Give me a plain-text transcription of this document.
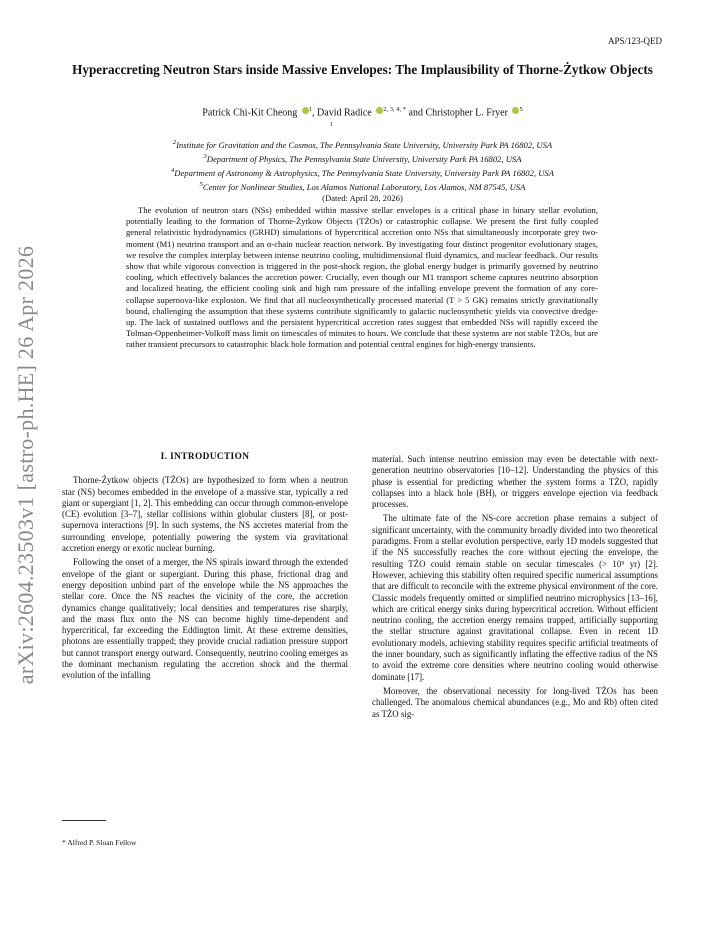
arXiv:2604.23503v1 [astro-ph.HE] 26 Apr 2026
APS/123-QED
Hyperaccreting Neutron Stars inside Massive Envelopes: The Implausibility of Thorne-Żytkow Objects
Patrick Chi-Kit Cheong $^1$, David Radice $^{2, 3, 4, *}$ and Christopher L. Fryer $^5$
1
$^2$Institute for Gravitation and the Cosmos, The Pennsylvania State University, University Park PA 16802, USA
$^3$Department of Physics, The Pennsylvania State University, University Park PA 16802, USA
$^4$Department of Astronomy & Astrophysics, The Pennsylvania State University, University Park PA 16802, USA
$^5$Center for Nonlinear Studies, Los Alamos National Laboratory, Los Alamos, NM 87545, USA
(Dated: April 28, 2026)

The evolution of neutron stars (NSs) embedded within massive stellar envelopes is a critical phase in binary stellar evolution, potentially leading to the formation of Thorne-Żytkow Objects (TŻOs) or catastrophic collapse. We present the first fully coupled general relativistic hydrodynamics (GRHD) simulations of hypercritical accretion onto NSs that simultaneously incorporate grey two-moment (M1) neutrino transport and an α-chain nuclear reaction network. By investigating four distinct progenitor evolutionary stages, we resolve the complex interplay between intense neutrino cooling, multidimensional fluid dynamics, and nuclear feedback. Our results show that while vigorous convection is triggered in the post-shock region, the global energy budget is primarily governed by neutrino cooling, which effectively balances the accretion power. Crucially, even though our M1 transport scheme captures neutrino absorption and localized heating, the efficient cooling sink and high ram pressure of the infalling envelope prevent the formation of any core-collapse supernova-like explosion. We find that all nucleosynthetically processed material (T > 5 GK) remains strictly gravitationally bound, challenging the assumption that these systems contribute significantly to galactic nucleosynthetic yields via convective dredge-up. The lack of sustained outflows and the persistent hypercritical accretion rates suggest that embedded NSs will rapidly exceed the Tolman-Oppenheimer-Volkoff mass limit on timescales of minutes to hours. We conclude that these systems are not stable TŻOs, but are rather transient precursors to catastrophic black hole formation and potential central engines for high-energy transients.

I. INTRODUCTION

Thorne-Żytkow objects (TŻOs) are hypothesized to form when a neutron star (NS) becomes embedded in the envelope of a massive star, typically a red giant or supergiant [1, 2]. This embedding can occur through common-envelope (CE) evolution [3–7], stellar collisions within globular clusters [8], or post-supernova interactions [9]. In such systems, the NS accretes material from the surrounding envelope, potentially powering the system via gravitational accretion energy or exotic nuclear burning.

Following the onset of a merger, the NS spirals inward through the extended envelope of the giant or supergiant. During this phase, frictional drag and energy deposition unbind part of the envelope while the NS approaches the stellar core. Once the NS reaches the vicinity of the core, the accretion dynamics change qualitatively; local densities and temperatures rise sharply, and the mass flux onto the NS can become highly time-dependent and hypercritical, far exceeding the Eddington limit. At these extreme densities, photons are essentially trapped; they provide crucial radiation pressure support but cannot transport energy outward. Consequently, neutrino cooling emerges as the dominant mechanism regulating the accretion shock and the thermal evolution of the infalling

material. Such intense neutrino emission may even be detectable with next-generation neutrino observatories [10–12]. Understanding the physics of this phase is essential for predicting whether the system forms a TŻO, rapidly collapses into a black hole (BH), or triggers envelope ejection via feedback processes.

The ultimate fate of the NS-core accretion phase remains a subject of significant uncertainty, with the community broadly divided into two theoretical paradigms. From a stellar evolution perspective, early 1D models suggested that if the NS successfully reaches the core without ejecting the envelope, the resulting TŻO could remain stable on secular timescales (> 10⁵ yr) [2]. However, achieving this stability often required specific numerical assumptions that are difficult to reconcile with the extreme physical environment of the core. Classic models frequently omitted or simplified neutrino microphysics [13–16], which are critical energy sinks during hypercritical accretion. Without efficient neutrino cooling, the accretion energy remains trapped, artificially supporting the stellar structure against gravitational collapse. Even in recent 1D evolutionary models, achieving stability requires specific artificial treatments of the inner boundary, such as significantly inflating the effective radius of the NS to avoid the extreme core densities where neutrino cooling would otherwise dominate [17].

Moreover, the observational necessity for long-lived TŻOs has been challenged. The anomalous chemical abundances (e.g., Mo and Rb) often cited as TŻO sig-

* Alfred P. Sloan Fellow
